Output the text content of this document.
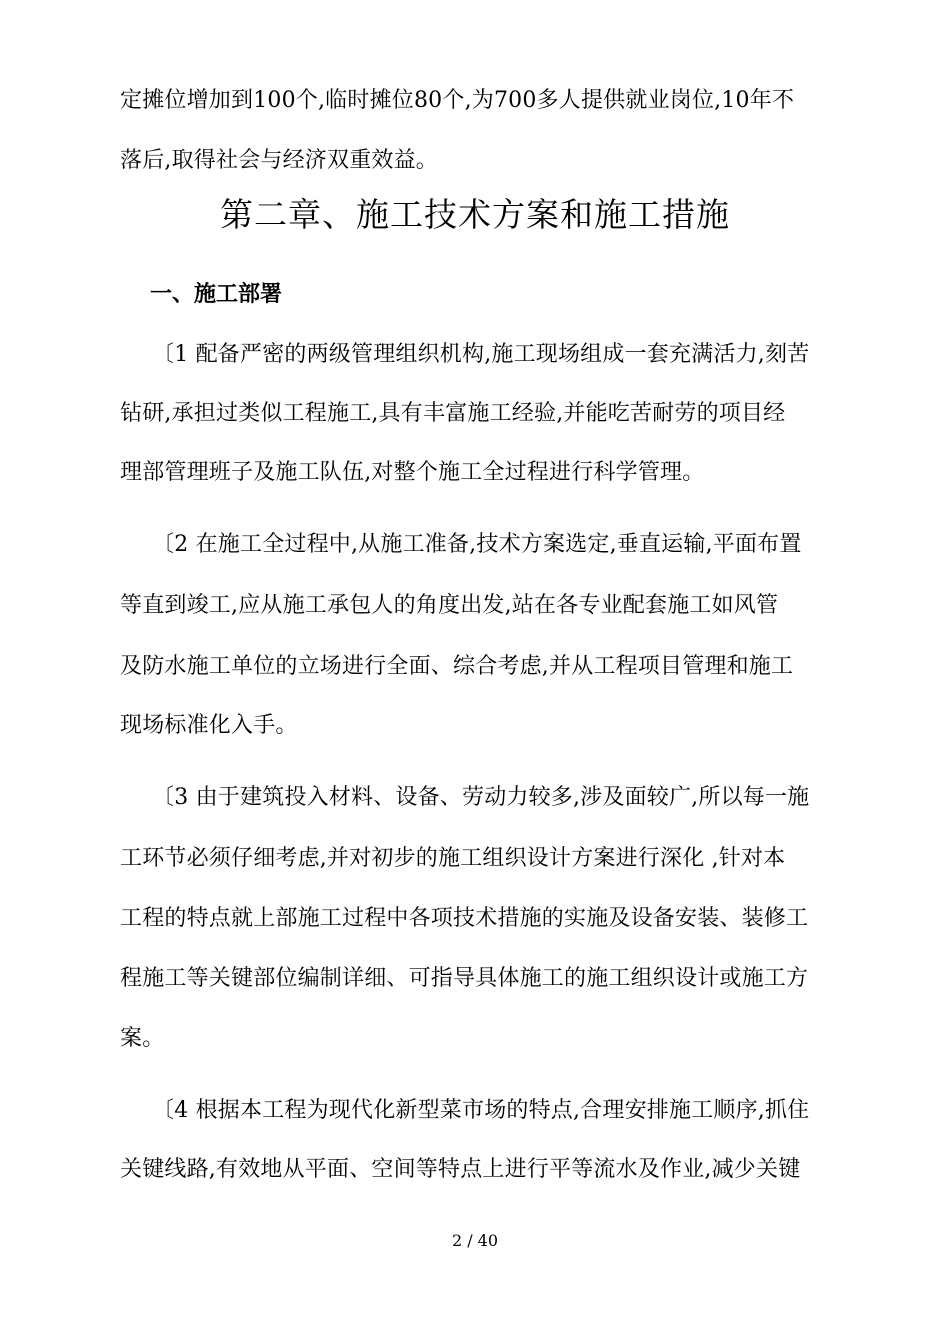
定摊位增加到100个,临时摊位80个,为700多人提供就业岗位,10年不
落后,取得社会与经济双重效益。
第二章、施工技术方案和施工措施
一、施工部署
〔1 配备严密的两级管理组织机构,施工现场组成一套充满活力,刻苦
钻研,承担过类似工程施工,具有丰富施工经验,并能吃苦耐劳的项目经
理部管理班子及施工队伍,对整个施工全过程进行科学管理。
〔2 在施工全过程中,从施工准备,技术方案选定,垂直运输,平面布置
等直到竣工,应从施工承包人的角度出发,站在各专业配套施工如风管
及防水施工单位的立场进行全面、综合考虑,并从工程项目管理和施工
现场标准化入手。
〔3 由于建筑投入材料、设备、劳动力较多,涉及面较广,所以每一施
工环节必须仔细考虑,并对初步的施工组织设计方案进行深化 ,针对本
工程的特点就上部施工过程中各项技术措施的实施及设备安装、装修工
程施工等关键部位编制详细、可指导具体施工的施工组织设计或施工方
案。
〔4 根据本工程为现代化新型菜市场的特点,合理安排施工顺序,抓住
关键线路,有效地从平面、空间等特点上进行平等流水及作业,减少关键
2 / 40
